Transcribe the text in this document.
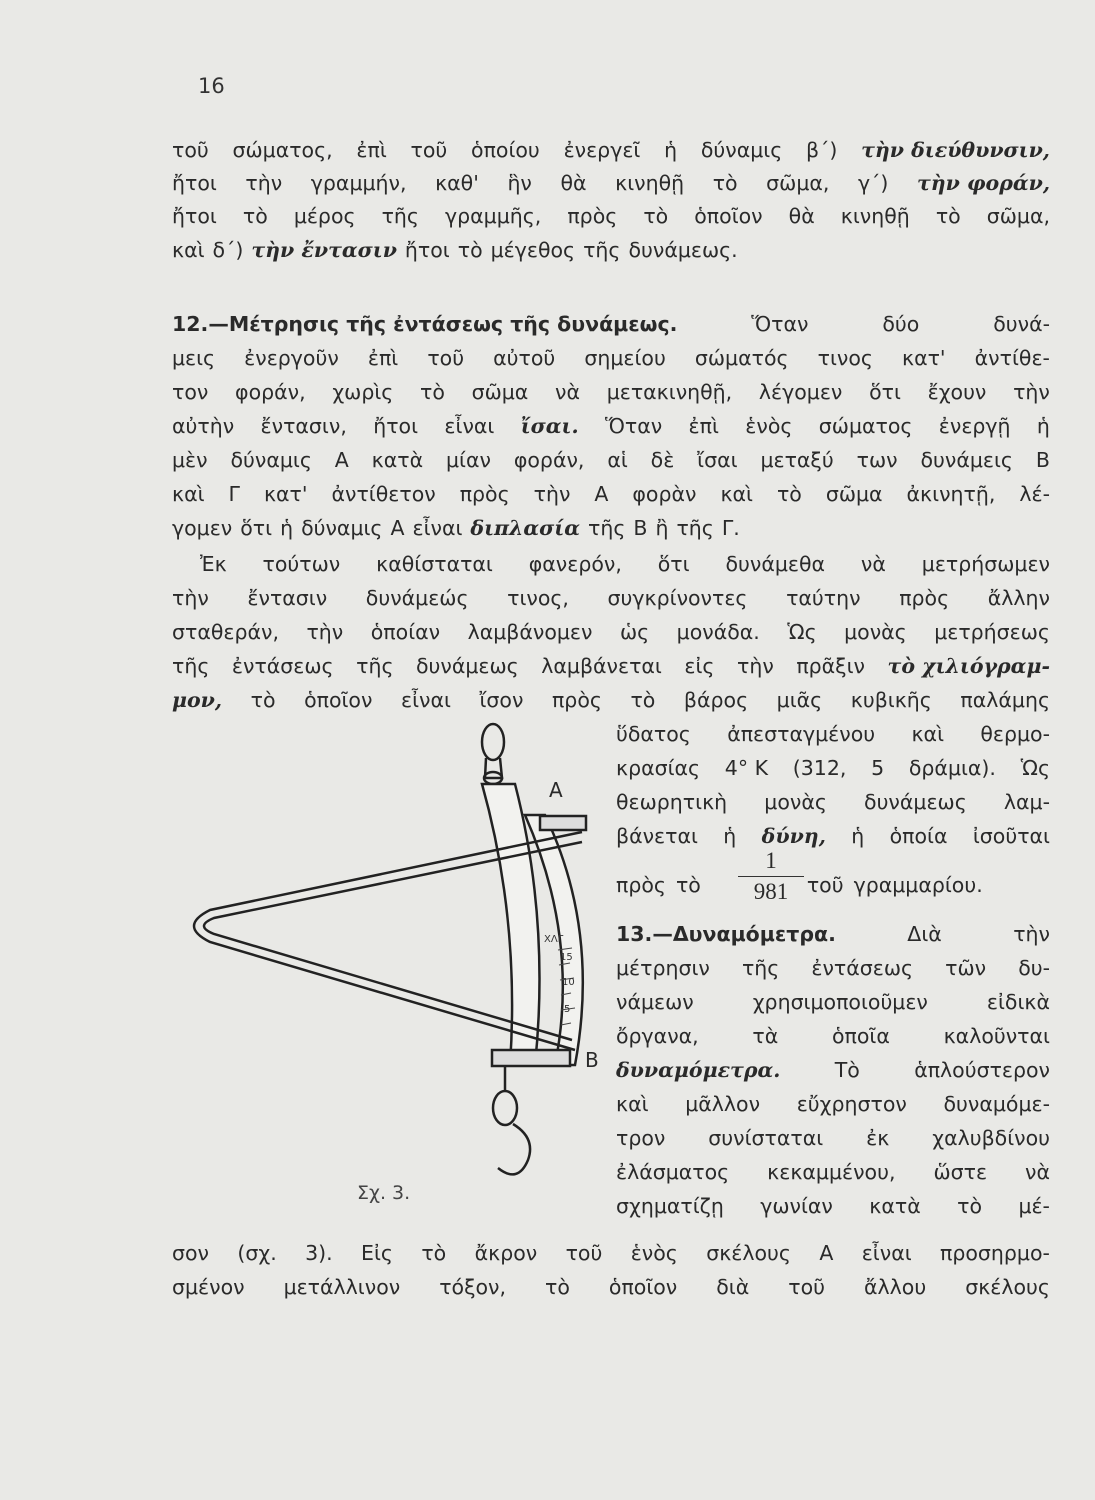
16
τοῦ σώματος, ἐπὶ τοῦ ὁποίου ἐνεργεῖ ἡ δύναμις β΄) τὴν διεύθυνσιν,
ἤτοι τὴν γραμμήν, καθ' ἣν θὰ κινηθῇ τὸ σῶμα, γ΄) τὴν φοράν,
ἤτοι τὸ μέρος τῆς γραμμῆς, πρὸς τὸ ὁποῖον θὰ κινηθῇ τὸ σῶμα,
καὶ δ΄) τὴν ἔντασιν ἤτοι τὸ μέγεθος τῆς δυνάμεως.
12.—Μέτρησις τῆς ἐντάσεως τῆς δυνάμεως.	Ὅταν	δύο	δυνά-
μεις ἐνεργοῦν ἐπὶ τοῦ αὐτοῦ σημείου σώματός τινος κατ' ἀντίθε-
τον φοράν, χωρὶς τὸ σῶμα νὰ μετακινηθῇ, λέγομεν ὅτι ἔχουν τὴν
αὐτὴν ἔντασιν, ἤτοι εἶναι ἴσαι. Ὅταν ἐπὶ ἑνὸς σώματος ἐνεργῇ ἡ
μὲν δύναμις Α κατὰ μίαν φοράν, αἱ δὲ ἴσαι μεταξύ των δυνάμεις Β
καὶ Γ κατ' ἀντίθετον πρὸς τὴν Α φορὰν καὶ τὸ σῶμα ἀκινητῇ, λέ-
γομεν ὅτι ἡ δύναμις Α εἶναι διπλασία τῆς Β ἢ τῆς Γ.
Ἐκ τούτων καθίσταται φανερόν, ὅτι δυνάμεθα νὰ μετρήσωμεν
τὴν ἔντασιν δυνάμεώς τινος, συγκρίνοντες ταύτην πρὸς ἄλλην
σταθεράν, τὴν ὁποίαν λαμβάνομεν ὡς μονάδα. Ὡς μονὰς μετρήσεως
τῆς ἐντάσεως τῆς δυνάμεως λαμβάνεται εἰς τὴν πρᾶξιν τὸ χιλιόγραμ-
μον, τὸ ὁποῖον εἶναι ἴσον πρὸς τὸ βάρος μιᾶς κυβικῆς παλάμης
ὕδατος ἀπεσταγμένου καὶ θερμο-
κρασίας 4° Κ (312, 5 δράμια). Ὡς
θεωρητικὴ μονὰς δυνάμεως λαμ-
βάνεται ἡ δύνη, ἡ ὁποία ἰσοῦται
πρὸς τὸ	τοῦ γραμμαρίου.
13.—Δυναμόμετρα.	Διὰ	τὴν
μέτρησιν τῆς ἐντάσεως τῶν δυ-
νάμεων	χρησιμοποιοῦμεν	εἰδικὰ
ὄργανα,	τὰ	ὁποῖα	καλοῦνται
δυναμόμετρα.	Τὸ	ἁπλούστερον
καὶ μᾶλλον εὔχρηστον δυναμόμε-
τρον συνίσταται ἐκ χαλυβδίνου
ἐλάσματος κεκαμμένου, ὥστε νὰ
σχηματίζῃ γωνίαν κατὰ τὸ μέ-
σον (σχ. 3). Εἰς τὸ ἄκρον τοῦ ἑνὸς σκέλους Α εἶναι προσηρμο-
σμένον μετάλλινον τόξον, τὸ ὁποῖον διὰ τοῦ ἄλλου σκέλους
ΧΛΓ
15
10
5
Α
Β
Σχ. 3.
1
981
